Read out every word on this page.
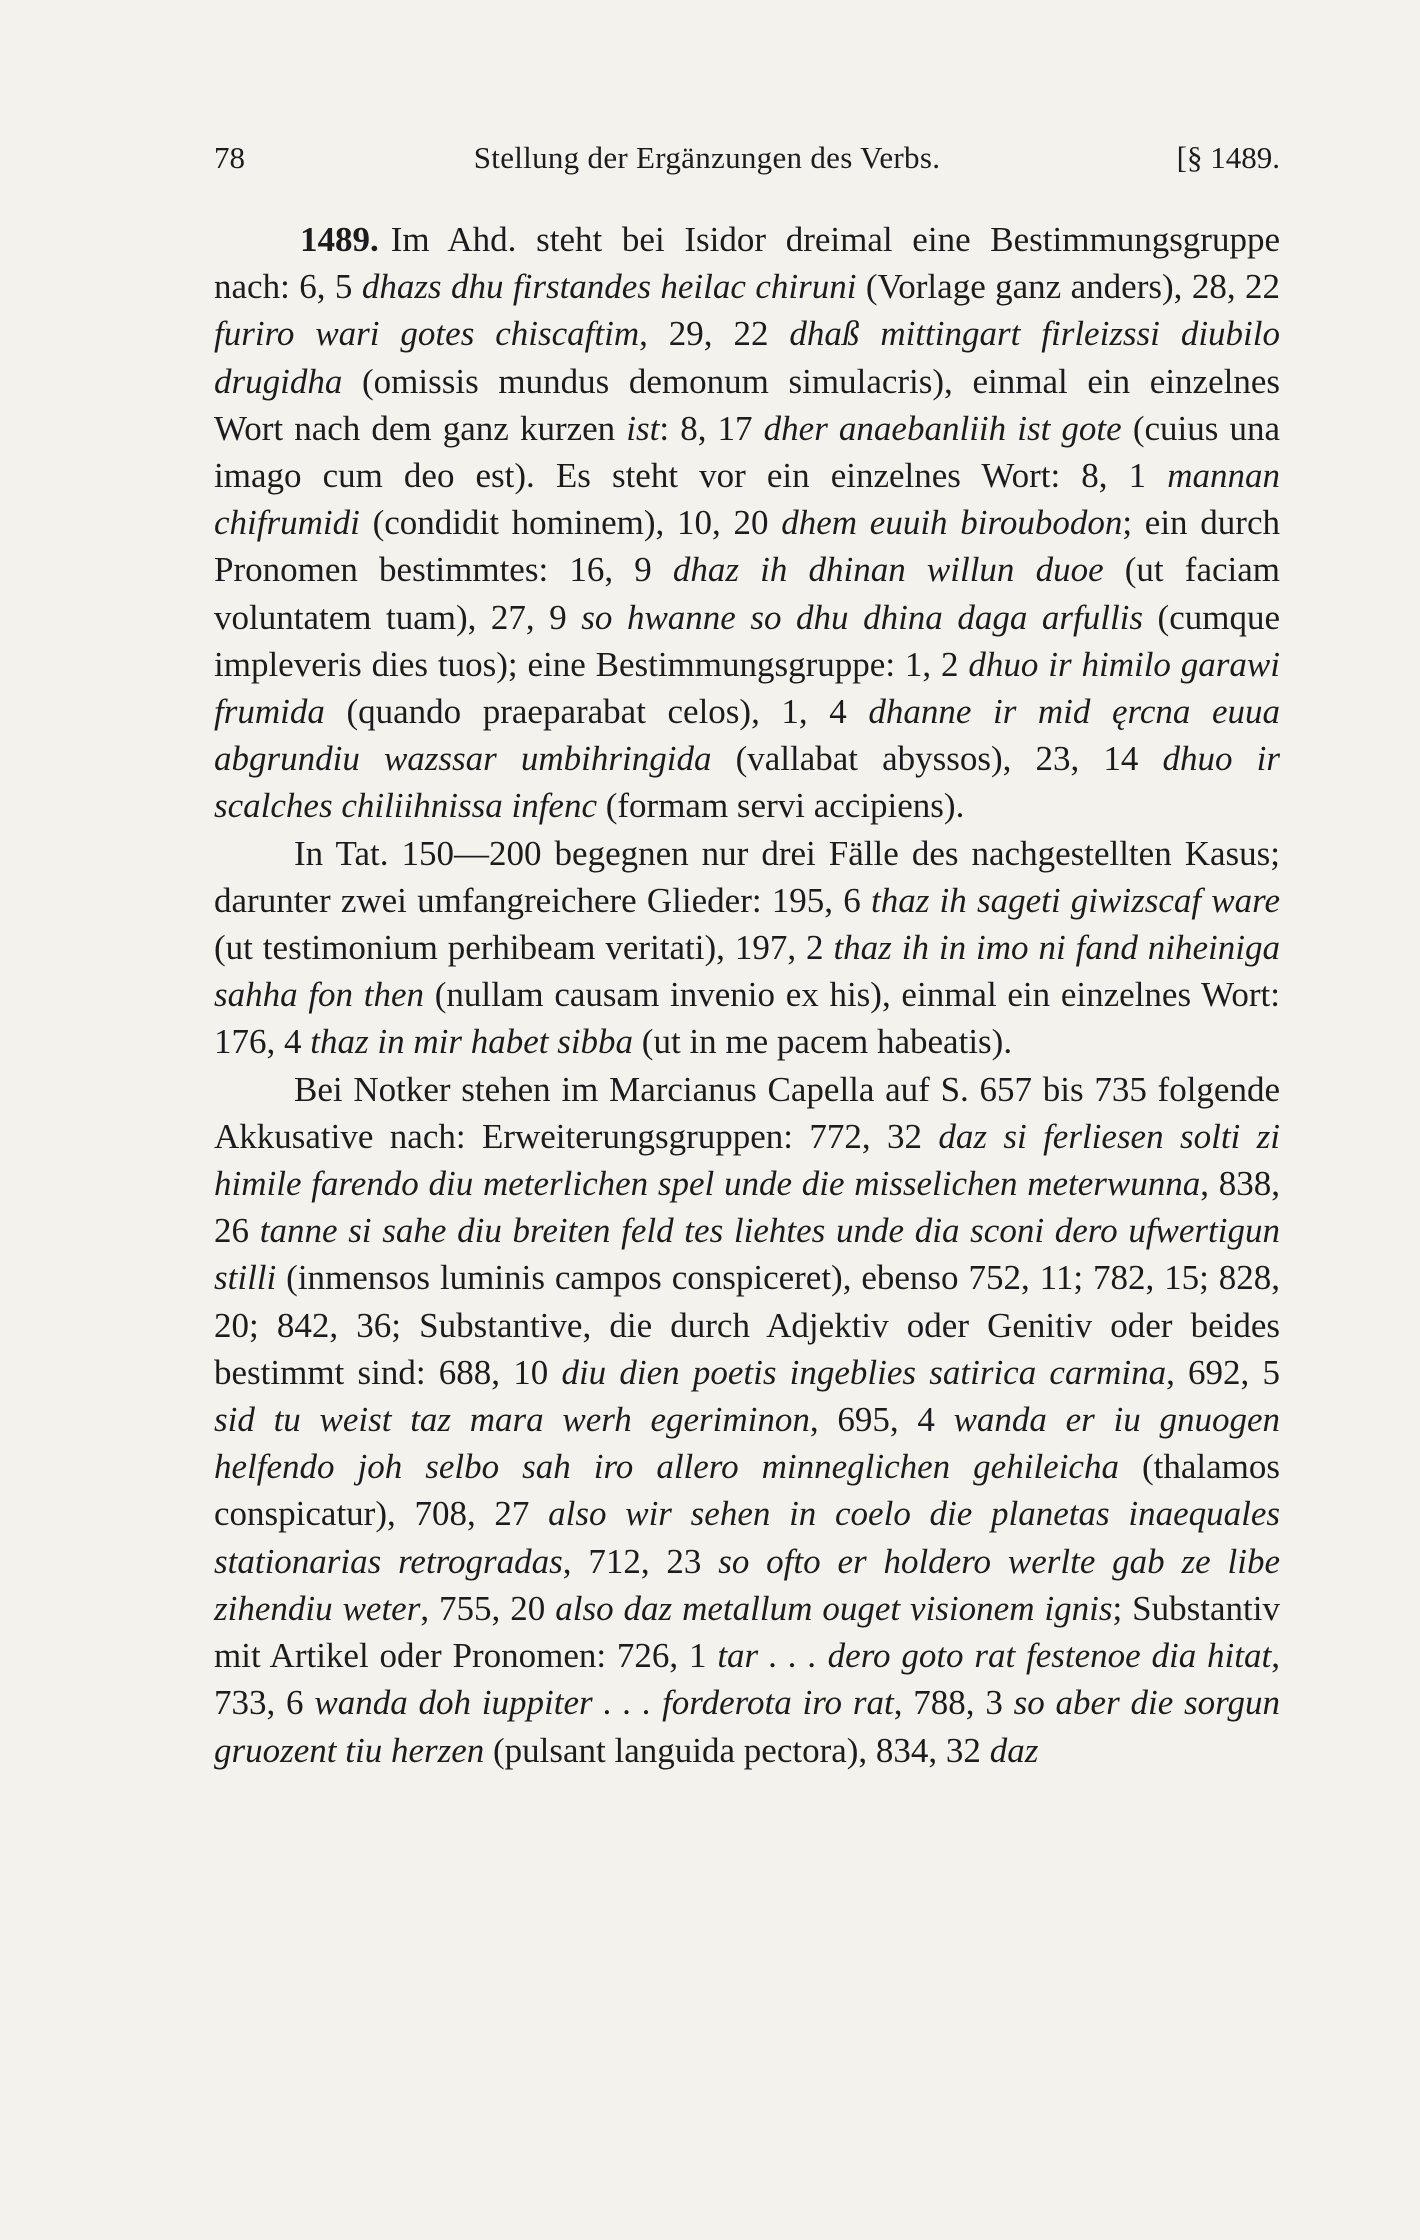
78	Stellung der Ergänzungen des Verbs.	[§ 1489.

1489. Im Ahd. steht bei Isidor dreimal eine Bestimmungsgruppe nach: 6, 5 dhazs dhu firstandes heilac chiruni (Vorlage ganz anders), 28, 22 furiro wari gotes chiscaftim, 29, 22 dhaß mittingart firleizssi diubilo drugidha (omissis mundus demonum simulacris), einmal ein einzelnes Wort nach dem ganz kurzen ist: 8, 17 dher anaebanliih ist gote (cuius una imago cum deo est). Es steht vor ein einzelnes Wort: 8, 1 mannan chifrumidi (condidit hominem), 10, 20 dhem euuih biroubodon; ein durch Pronomen bestimmtes: 16, 9 dhaz ih dhinan willun duoe (ut faciam voluntatem tuam), 27, 9 so hwanne so dhu dhina daga arfullis (cumque impleveris dies tuos); eine Bestimmungsgruppe: 1, 2 dhuo ir himilo garawi frumida (quando praeparabat celos), 1, 4 dhanne ir mid ęrcna euua abgrundiu wazssar umbihringida (vallabat abyssos), 23, 14 dhuo ir scalches chiliihnissa infenc (formam servi accipiens).

In Tat. 150—200 begegnen nur drei Fälle des nachgestellten Kasus; darunter zwei umfangreichere Glieder: 195, 6 thaz ih sageti giwizscaf ware (ut testimonium perhibeam veritati), 197, 2 thaz ih in imo ni fand niheiniga sahha fon then (nullam causam invenio ex his), einmal ein einzelnes Wort: 176, 4 thaz in mir habet sibba (ut in me pacem habeatis).

Bei Notker stehen im Marcianus Capella auf S. 657 bis 735 folgende Akkusative nach: Erweiterungsgruppen: 772, 32 daz si ferliesen solti zi himile farendo diu meterlichen spel unde die misselichen meterwunna, 838, 26 tanne si sahe diu breiten feld tes liehtes unde dia sconi dero ufwertigun stilli (inmensos luminis campos conspiceret), ebenso 752, 11; 782, 15; 828, 20; 842, 36; Substantive, die durch Adjektiv oder Genitiv oder beides bestimmt sind: 688, 10 diu dien poetis ingeblies satirica carmina, 692, 5 sid tu weist taz mara werh egeriminon, 695, 4 wanda er iu gnuogen helfendo joh selbo sah iro allero minneglichen gehileicha (thalamos conspicatur), 708, 27 also wir sehen in coelo die planetas inaequales stationarias retrogradas, 712, 23 so ofto er holdero werlte gab ze libe zihendiu weter, 755, 20 also daz metallum ouget visionem ignis; Substantiv mit Artikel oder Pronomen: 726, 1 tar . . . dero goto rat festenoe dia hitat, 733, 6 wanda doh iuppiter . . . forderota iro rat, 788, 3 so aber die sorgun gruozent tiu herzen (pulsant languida pectora), 834, 32 daz
